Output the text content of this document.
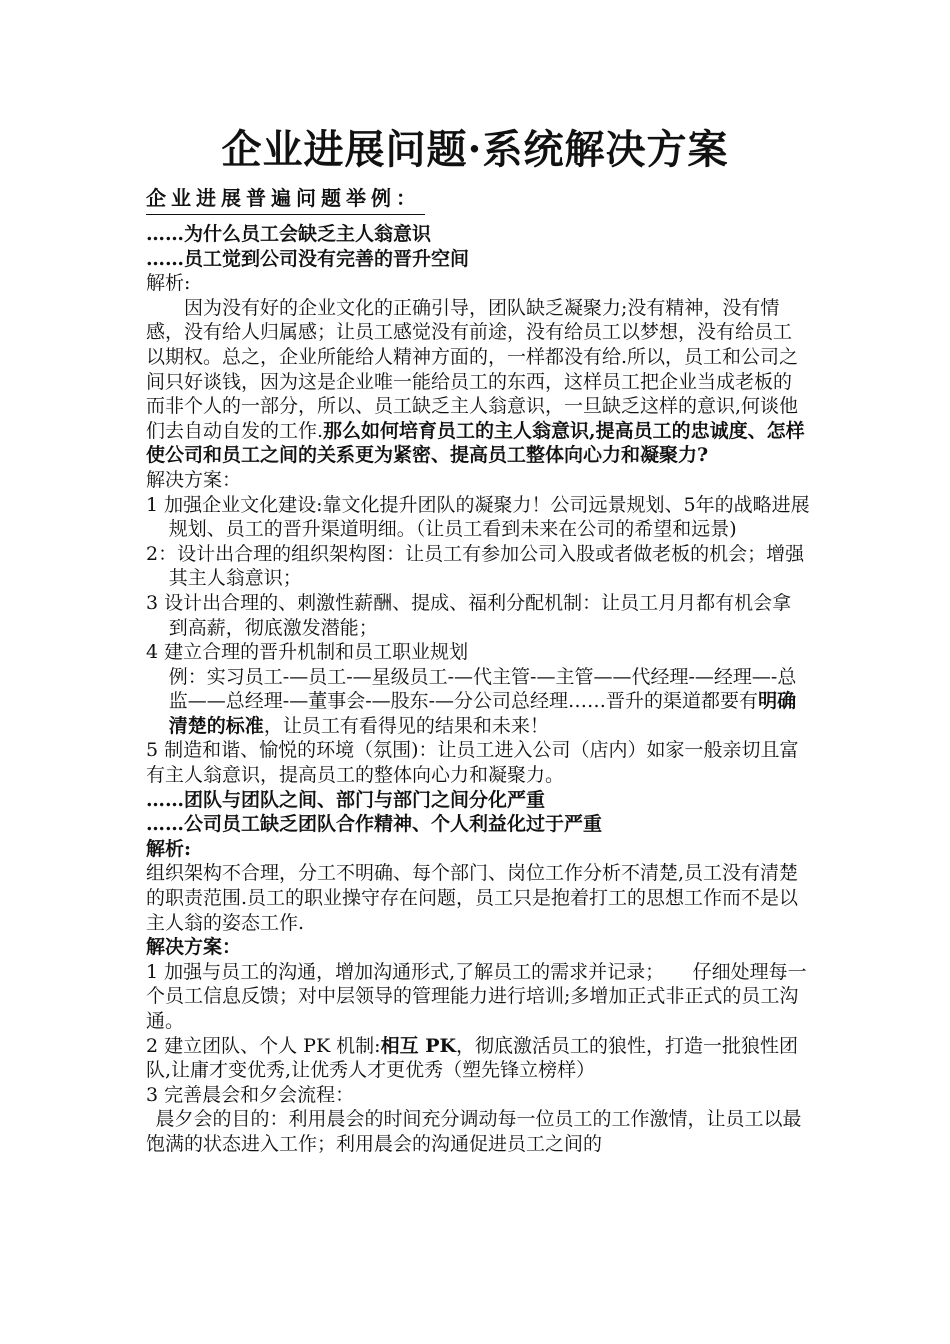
企业进展问题·系统解决方案
企业进展普遍问题举例：

……为什么员工会缺乏主人翁意识

……员工觉到公司没有完善的晋升空间

解析:

因为没有好的企业文化的正确引导，团队缺乏凝聚力;没有精神，没有情感，没有给人归属感；让员工感觉没有前途，没有给员工以梦想，没有给员工以期权。总之，企业所能给人精神方面的，一样都没有给.所以，员工和公司之间只好谈钱，因为这是企业唯一能给员工的东西，这样员工把企业当成老板的而非个人的一部分，所以、员工缺乏主人翁意识，一旦缺乏这样的意识,何谈他们去自动自发的工作.那么如何培育员工的主人翁意识,提高员工的忠诚度、怎样使公司和员工之间的关系更为紧密、提高员工整体向心力和凝聚力?

解决方案：

1 加强企业文化建设:靠文化提升团队的凝聚力！公司远景规划、5年的战略进展规划、员工的晋升渠道明细。（让员工看到未来在公司的希望和远景)

2：设计出合理的组织架构图：让员工有参加公司入股或者做老板的机会；增强其主人翁意识；

3 设计出合理的、刺激性薪酬、提成、福利分配机制：让员工月月都有机会拿到高薪，彻底激发潜能；

4 建立合理的晋升机制和员工职业规划

例：实习员工-—员工-—星级员工-—代主管-—主管——代经理-—经理—-总监——总经理-—董事会-—股东-—分公司总经理……晋升的渠道都要有明确清楚的标准，让员工有看得见的结果和未来！

5 制造和谐、愉悦的环境（氛围)：让员工进入公司（店内）如家一般亲切且富有主人翁意识，提高员工的整体向心力和凝聚力。

……团队与团队之间、部门与部门之间分化严重

……公司员工缺乏团队合作精神、个人利益化过于严重

解析:

组织架构不合理，分工不明确、每个部门、岗位工作分析不清楚,员工没有清楚的职责范围.员工的职业操守存在问题，员工只是抱着打工的思想工作而不是以主人翁的姿态工作.

解决方案：

1 加强与员工的沟通，增加沟通形式,了解员工的需求并记录；　　仔细处理每一个员工信息反馈；对中层领导的管理能力进行培训;多增加正式非正式的员工沟通。

2 建立团队、个人 PK 机制:相互 PK，彻底激活员工的狼性，打造一批狼性团队,让庸才变优秀,让优秀人才更优秀（塑先锋立榜样）

3 完善晨会和夕会流程：

晨夕会的目的：利用晨会的时间充分调动每一位员工的工作激情，让员工以最饱满的状态进入工作；利用晨会的沟通促进员工之间的
